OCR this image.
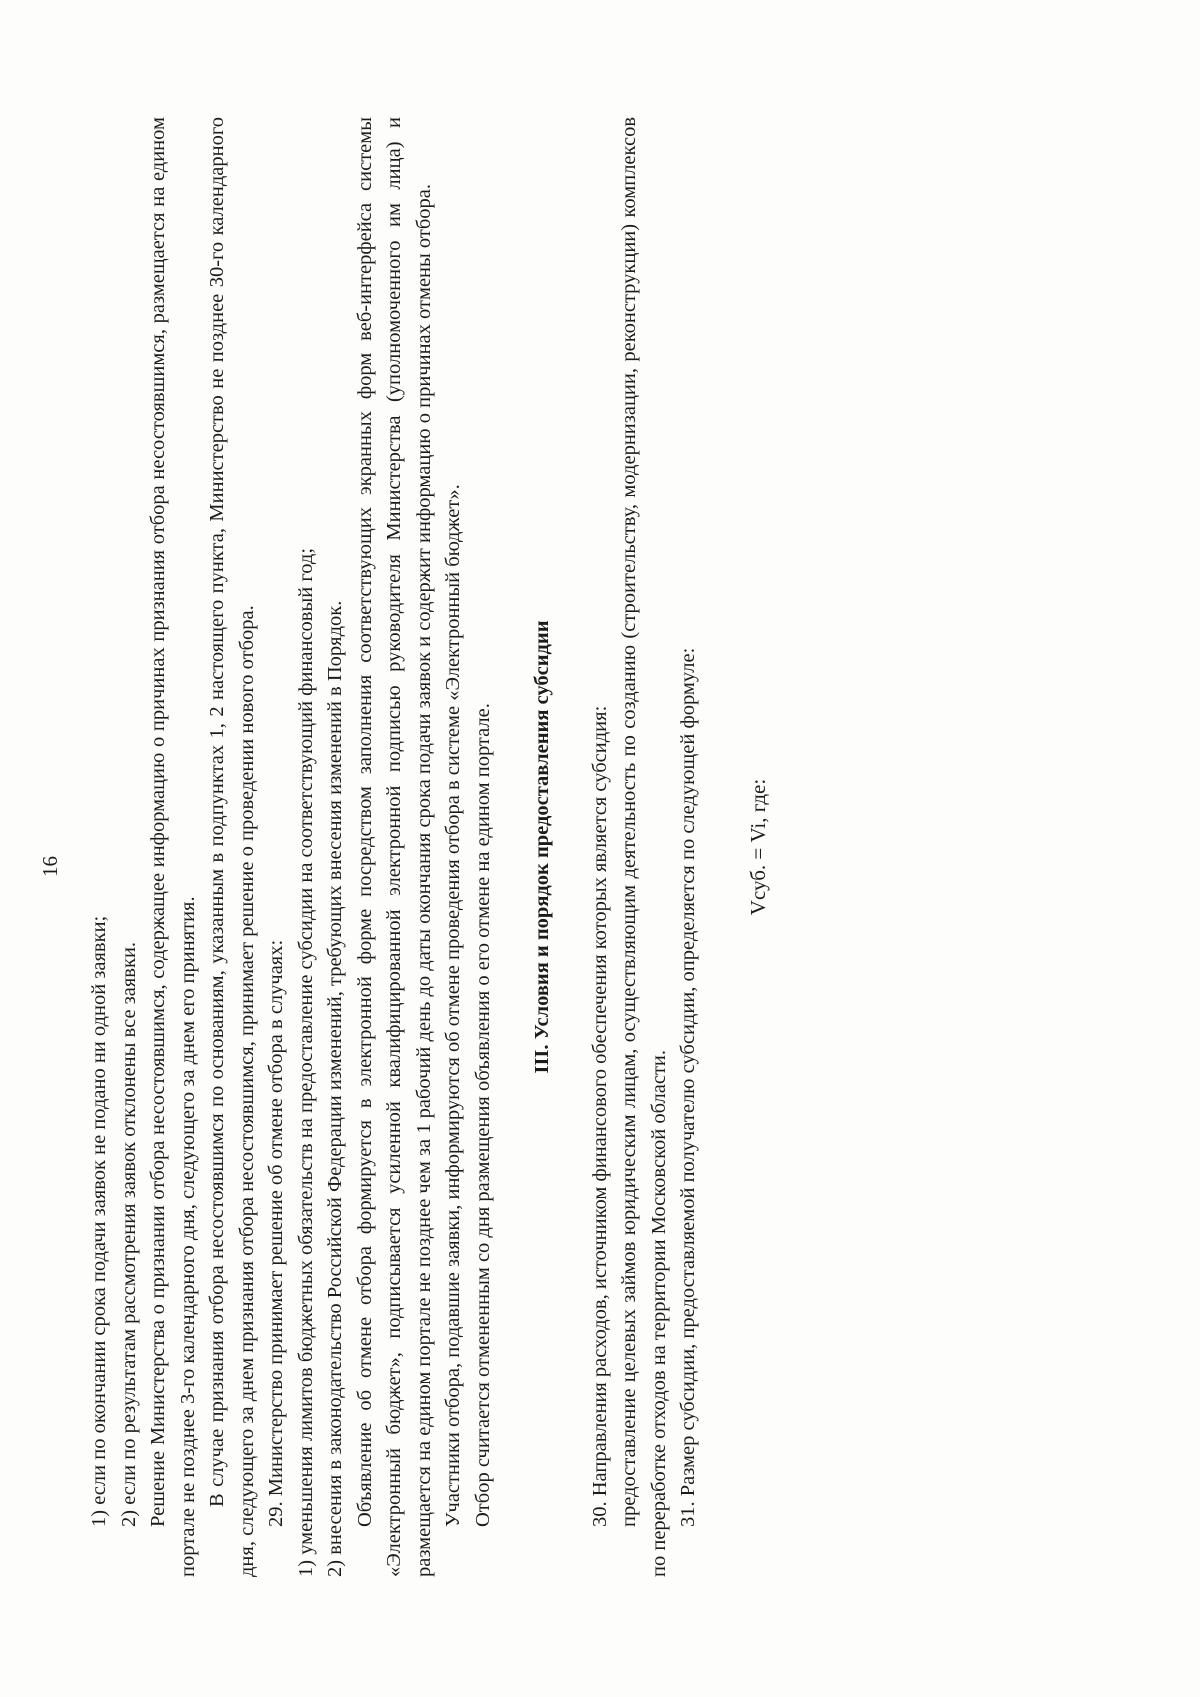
16

1) если по окончании срока подачи заявок не подано ни одной заявки; 2) если по результатам рассмотрения заявок отклонены все заявки. Решение Министерства о признании отбора несостоявшимся, содержащее информацию о причинах признания отбора несостоявшимся, размещается на едином портале не позднее 3-го календарного дня, следующего за днем его принятия. В случае признания отбора несостоявшимся по основаниям, указанным в подпунктах 1, 2 настоящего пункта, Министерство не позднее 30-го календарного дня, следующего за днем признания отбора несостоявшимся, принимает решение о проведении нового отбора. 29. Министерство принимает решение об отмене отбора в случаях: 1) уменьшения лимитов бюджетных обязательств на предоставление субсидии на соответствующий финансовый год; 2) внесения в законодательство Российской Федерации изменений, требующих внесения изменений в Порядок. Объявление об отмене отбора формируется в электронной форме посредством заполнения соответствующих экранных форм веб-интерфейса системы «Электронный бюджет», подписывается усиленной квалифицированной электронной подписью руководителя Министерства (уполномоченного им лица) и размещается на едином портале не позднее чем за 1 рабочий день до даты окончания срока подачи заявок и содержит информацию о причинах отмены отбора. Участники отбора, подавшие заявки, информируются об отмене проведения отбора в системе «Электронный бюджет». Отбор считается отмененным со дня размещения объявления о его отмене на едином портале. III. Условия и порядок предоставления субсидии 30. Направления расходов, источником финансового обеспечения которых является субсидия: предоставление целевых займов юридическим лицам, осуществляющим деятельность по созданию (строительству, модернизации, реконструкции) комплексов по переработке отходов на территории Московской области. 31. Размер субсидии, предоставляемой получателю субсидии, определяется по следующей формуле: Vсуб. = Vi, где:
